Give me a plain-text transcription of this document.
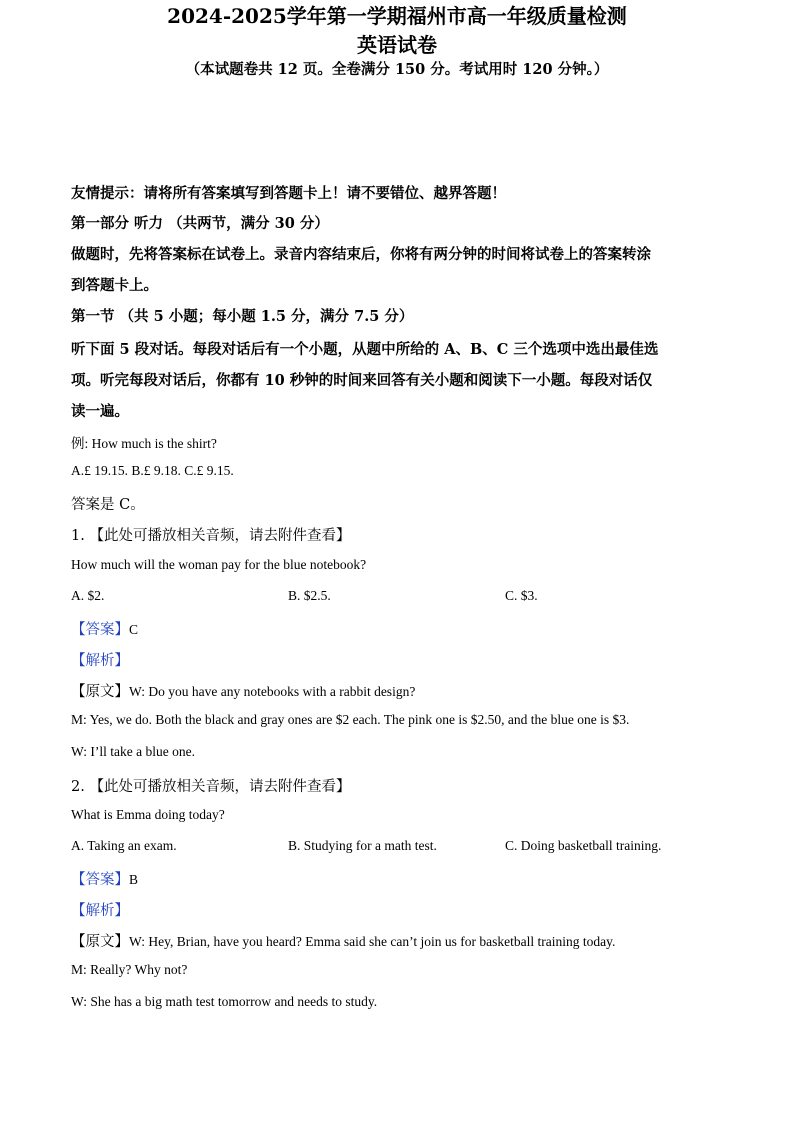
2024-2025学年第一学期福州市高一年级质量检测
英语试卷
（本试题卷共 12 页。全卷满分 150 分。考试用时 120 分钟。）
友情提示：请将所有答案填写到答题卡上！请不要错位、越界答题！
第一部分 听力 （共两节，满分 30 分）
做题时，先将答案标在试卷上。录音内容结束后，你将有两分钟的时间将试卷上的答案转涂
到答题卡上。
第一节 （共 5 小题；每小题 1.5 分，满分 7.5 分）
听下面 5 段对话。每段对话后有一个小题，从题中所给的 A、B、C 三个选项中选出最佳选
项。听完每段对话后，你都有 10 秒钟的时间来回答有关小题和阅读下一小题。每段对话仅
读一遍。
例: How much is the shirt?
A.£ 19.15. B.£ 9.18. C.£ 9.15.
答案是 C。
1. 【此处可播放相关音频，请去附件查看】
How much will the woman pay for the blue notebook?
A. $2.	B. $2.5.	C. $3.
【答案】C
【解析】
【原文】W: Do you have any notebooks with a rabbit design?
M: Yes, we do. Both the black and gray ones are $2 each. The pink one is $2.50, and the blue one is $3.
W: I’ll take a blue one.
2. 【此处可播放相关音频，请去附件查看】
What is Emma doing today?
A. Taking an exam.	B. Studying for a math test.	C. Doing basketball training.
【答案】B
【解析】
【原文】W: Hey, Brian, have you heard? Emma said she can’t join us for basketball training today.
M: Really? Why not?
W: She has a big math test tomorrow and needs to study.
